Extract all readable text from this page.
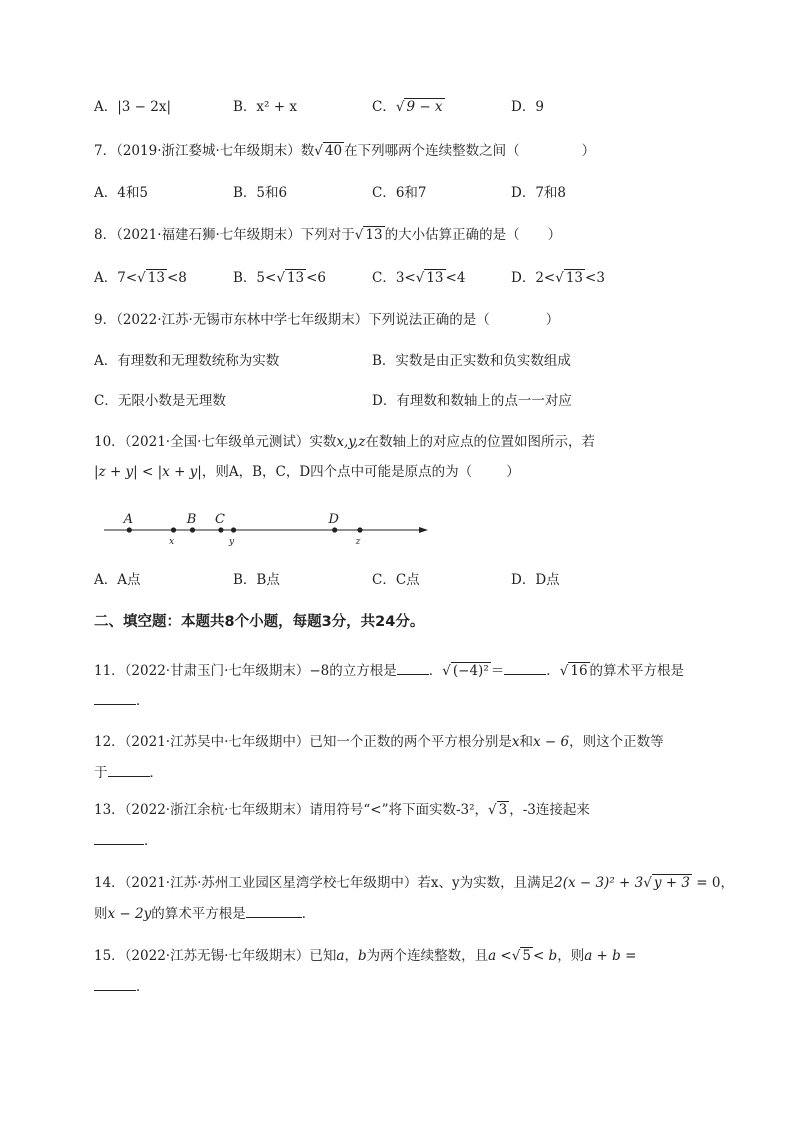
A．|3 − 2x|	B．x² + x	C．√ 9 − x	D．9
7．（2019·浙江婺城·七年级期末）数√ 40 在下列哪两个连续整数之间（	）
A．4和5	B．5和6	C．6和7	D．7和8
8．（2021·福建石狮·七年级期末）下列对于√ 13 的大小估算正确的是（ ）
A．7<√ 13 <8	B．5<√ 13 <6	C．3<√ 13 <4	D．2<√ 13 <3
9．（2022·江苏·无锡市东林中学七年级期末）下列说法正确的是（	）
A．有理数和无理数统称为实数	B．实数是由正实数和负实数组成
C．无限小数是无理数	D．有理数和数轴上的点一一对应
10．（2021·全国·七年级单元测试）实数x,y,z在数轴上的对应点的位置如图所示，若
|z + y| < |x + y|，则A，B，C，D四个点中可能是原点的为（	）
A
x
B C
y
D
z
A．A点	B．B点	C．C点	D．D点
二、填空题：本题共8个小题，每题3分，共24分。
11．（2022·甘肃玉门·七年级期末）−8的立方根是 ．√ (−4)² ＝	．√ 16 的算术平方根是
．
12．（2021·江苏吴中·七年级期中）已知一个正数的两个平方根分别是x和x − 6，则这个正数等
于	．
13．（2022·浙江余杭·七年级期末）请用符号“<”将下面实数-3²，√ 3 ，-3连接起来
．
14．（2021·江苏·苏州工业园区星湾学校七年级期中）若x、y为实数，且满足2(x − 3)² + 3√ y + 3 = 0，
则x − 2y的算术平方根是	．
15．（2022·江苏无锡·七年级期末）已知a，b为两个连续整数，且a <√ 5 < b，则a + b =
．
